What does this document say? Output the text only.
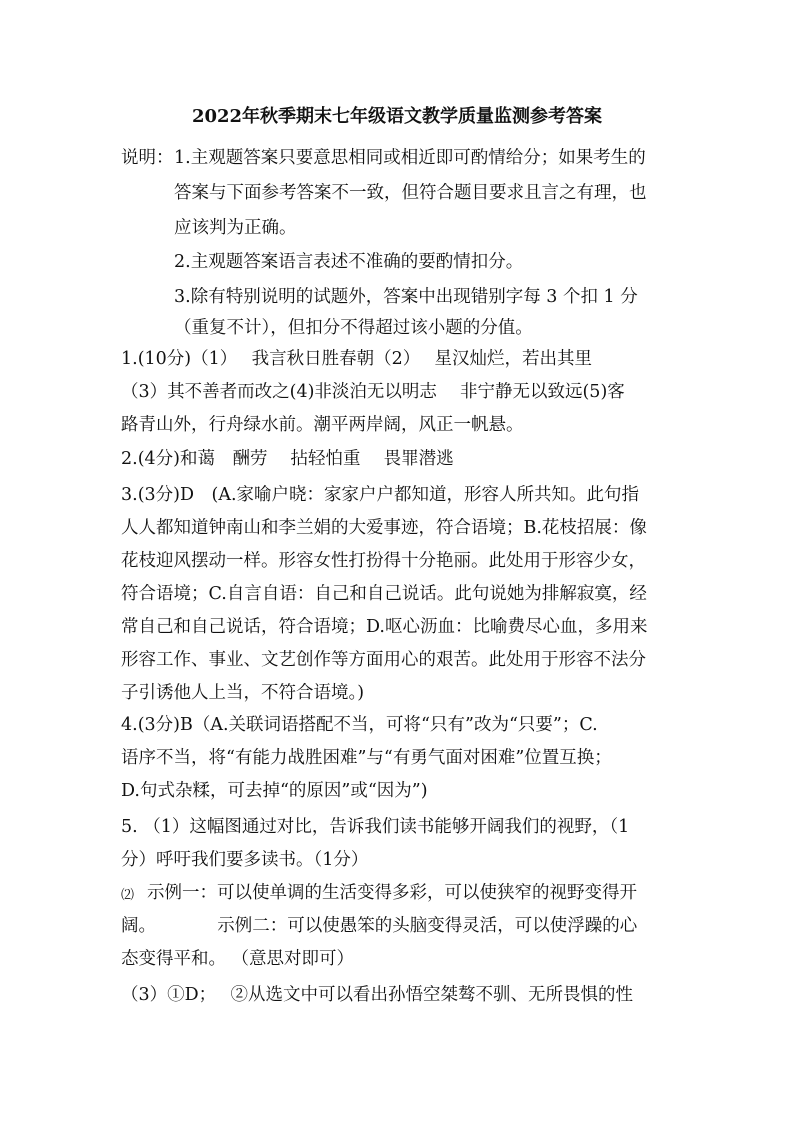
2022年秋季期末七年级语文教学质量监测参考答案
说明： 1.主观题答案只要意思相同或相近即可酌情给分；如果考生的
答案与下面参考答案不一致，但符合题目要求且言之有理，也
应该判为正确。
2.主观题答案语言表述不准确的要酌情扣分。
3.除有特别说明的试题外，答案中出现错别字每 3 个扣 1 分
（重复不计），但扣分不得超过该小题的分值。
1.(10分)（1）　 我言秋日胜春朝（2）　 星汉灿烂，若出其里
（3）其不善者而改之(4)非淡泊无以明志　 非宁静无以致远(5)客
路青山外，行舟绿水前。潮平两岸阔，风正一帆悬。
2.(4分)和蔼　酬劳　 拈轻怕重　 畏罪潜逃
3.(3分)D　(A.家喻户晓：家家户户都知道，形容人所共知。此句指
人人都知道钟南山和李兰娟的大爱事迹，符合语境；B.花枝招展：像
花枝迎风摆动一样。形容女性打扮得十分艳丽。此处用于形容少女，
符合语境；C.自言自语：自己和自己说话。此句说她为排解寂寞，经
常自己和自己说话，符合语境；D.呕心沥血：比喻费尽心血，多用来
形容工作、事业、文艺创作等方面用心的艰苦。此处用于形容不法分
子引诱他人上当，不符合语境。)
4.(3分)B（A.关联词语搭配不当，可将“只有”改为“只要”；C.
语序不当，将“有能力战胜困难”与“有勇气面对困难”位置互换；
D.句式杂糅，可去掉“的原因”或“因为”)
5. （1）这幅图通过对比，告诉我们读书能够开阔我们的视野，（1
分）呼吁我们要多读书。（1分）
⑵ 示例一：可以使单调的生活变得多彩，可以使狭窄的视野变得开
阔。　　　　示例二：可以使愚笨的头脑变得灵活，可以使浮躁的心
态变得平和。 （意思对即可）
（3）①D；　 ②从选文中可以看出孙悟空桀骜不驯、无所畏惧的性
